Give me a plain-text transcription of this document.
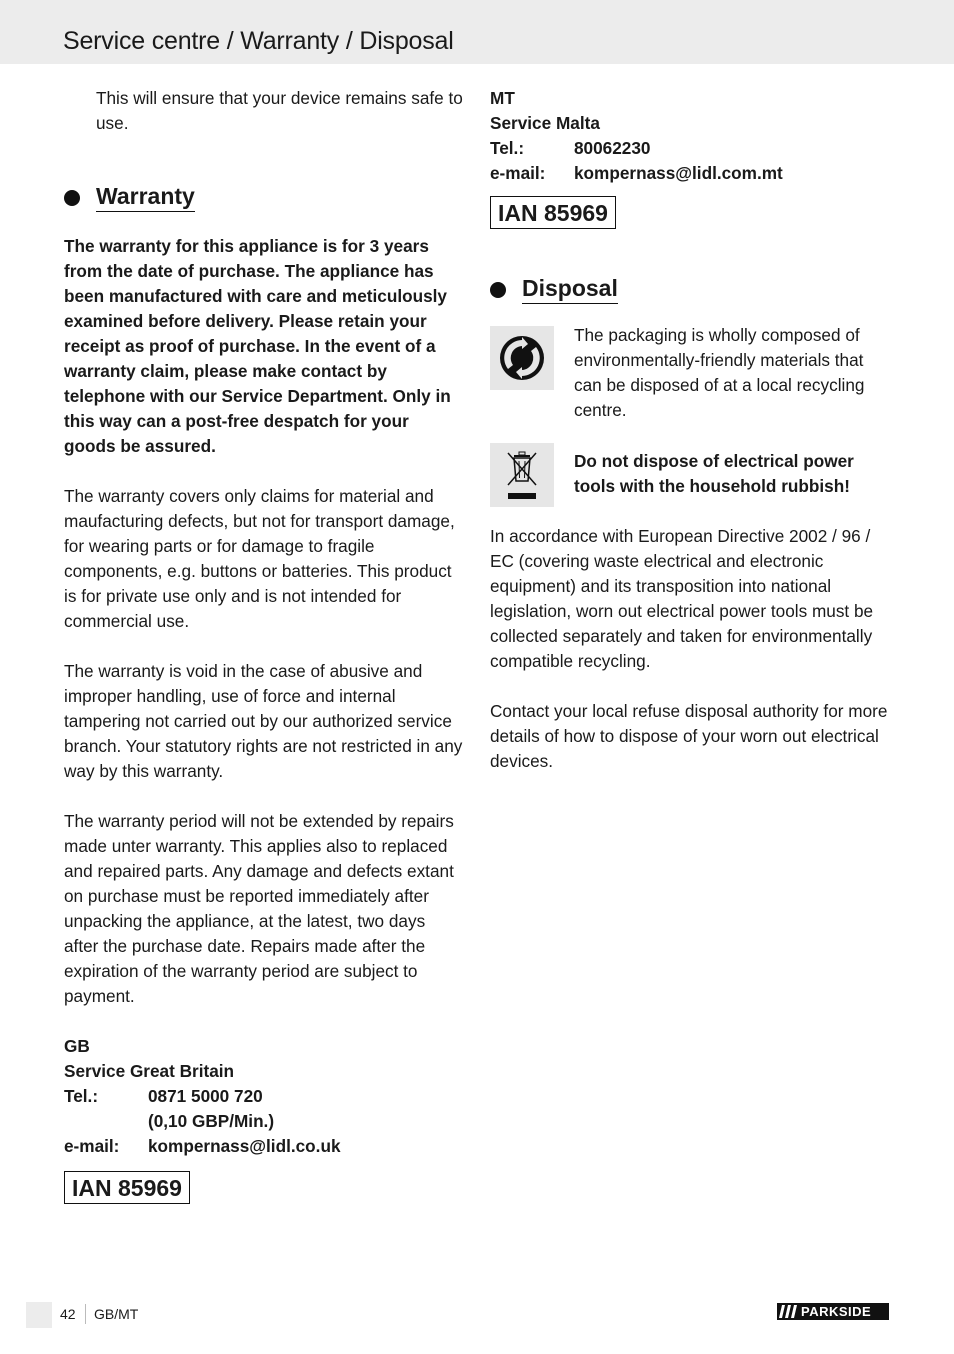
Service centre / Warranty / Disposal

This will ensure that your device remains safe to use.

Warranty

The warranty for this appliance is for 3 years from the date of purchase. The appliance has been manufactured with care and meticulously examined before delivery. Please retain your receipt as proof of purchase. In the event of a warranty claim, please make contact by telephone with our Service Department. Only in this way can a post-free despatch for your goods be assured.

The warranty covers only claims for material and maufacturing defects, but not for transport damage, for wearing parts or for damage to fragile components, e.g. buttons or batteries. This product is for private use only and is not intended for commercial use.

The warranty is void in the case of abusive and improper handling, use of force and internal tampering not carried out by our authorized service branch. Your statutory rights are not restricted in any way by this warranty.

The warranty period will not be extended by repairs made unter warranty. This applies also to replaced and repaired parts. Any damage and defects extant on purchase must be reported immediately after unpacking the appliance, at the latest, two days after the purchase date. Repairs made after the expiration of the warranty period are subject to payment.

GB
Service Great Britain
Tel.:	0871 5000 720
(0,10 GBP/Min.)
e-mail:	kompernass@lidl.co.uk
IAN 85969
MT
Service Malta
Tel.:	80062230
e-mail:	kompernass@lidl.com.mt
IAN 85969
Disposal

The packaging is wholly composed of environmentally-friendly materials that can be disposed of at a local recycling centre.

Do not dispose of electrical power tools with the household rubbish!

In accordance with European Directive 2002 / 96 / EC (covering waste electrical and electronic equipment) and its transposition into national legislation, worn out electrical power tools must be collected separately and taken for environmentally compatible recycling.

Contact your local refuse disposal authority for more details of how to dispose of your worn out electrical devices.

42 GB/MT	PARKSIDE
